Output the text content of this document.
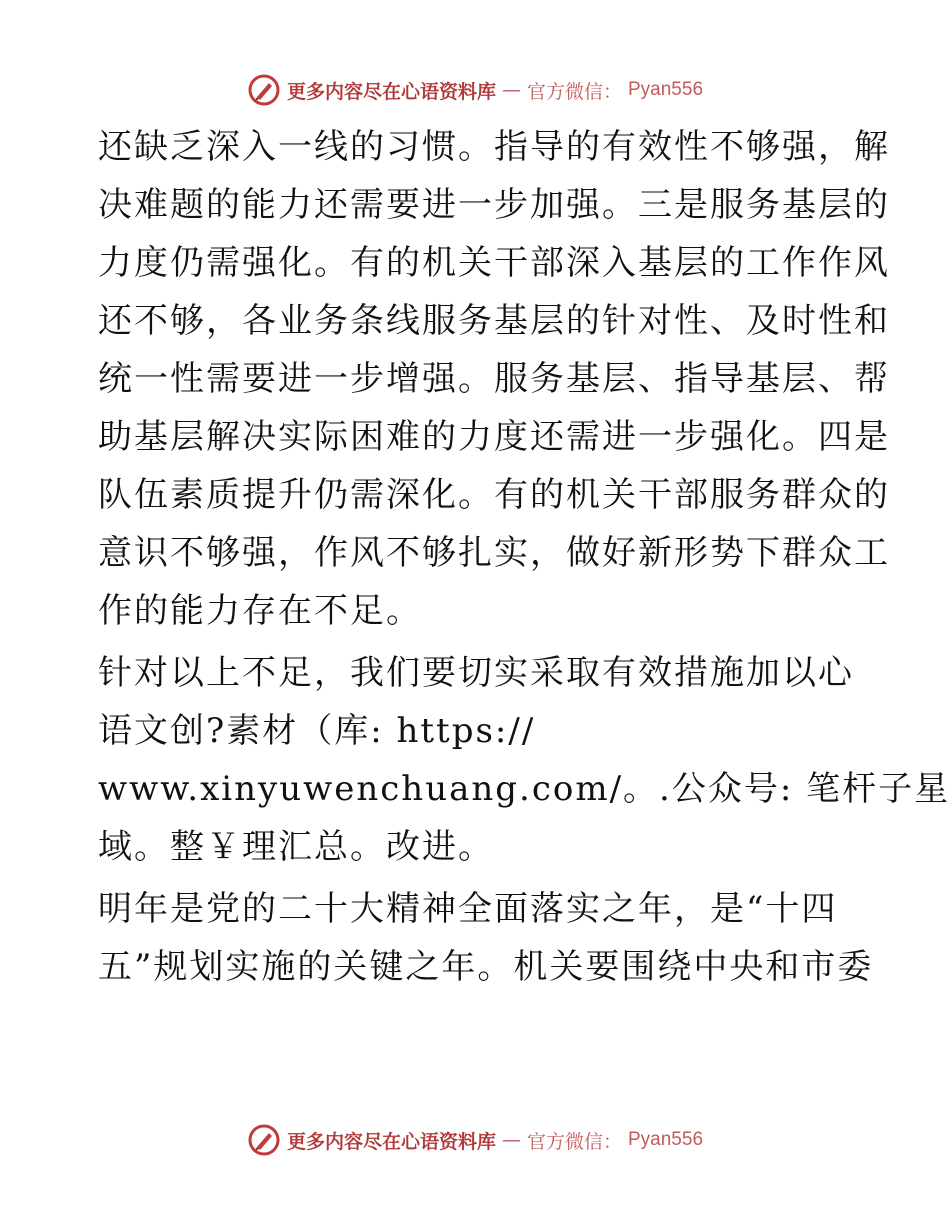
更多内容尽在心语资料库 — 官方微信： Pyan556
还缺乏深入一线的习惯。指导的有效性不够强，解
决难题的能力还需要进一步加强。三是服务基层的
力度仍需强化。有的机关干部深入基层的工作作风
还不够，各业务条线服务基层的针对性、及时性和
统一性需要进一步增强。服务基层、指导基层、帮
助基层解决实际困难的力度还需进一步强化。四是
队伍素质提升仍需深化。有的机关干部服务群众的
意识不够强，作风不够扎实，做好新形势下群众工
作的能力存在不足。
针对以上不足，我们要切实采取有效措施加以心
语文创?素材（库: https://
www.xinyuwenchuang.com/。.公众号: 笔杆子星
域。整￥理汇总。改进。
明年是党的二十大精神全面落实之年，是“十四
五”规划实施的关键之年。机关要围绕中央和市委
更多内容尽在心语资料库 — 官方微信： Pyan556
